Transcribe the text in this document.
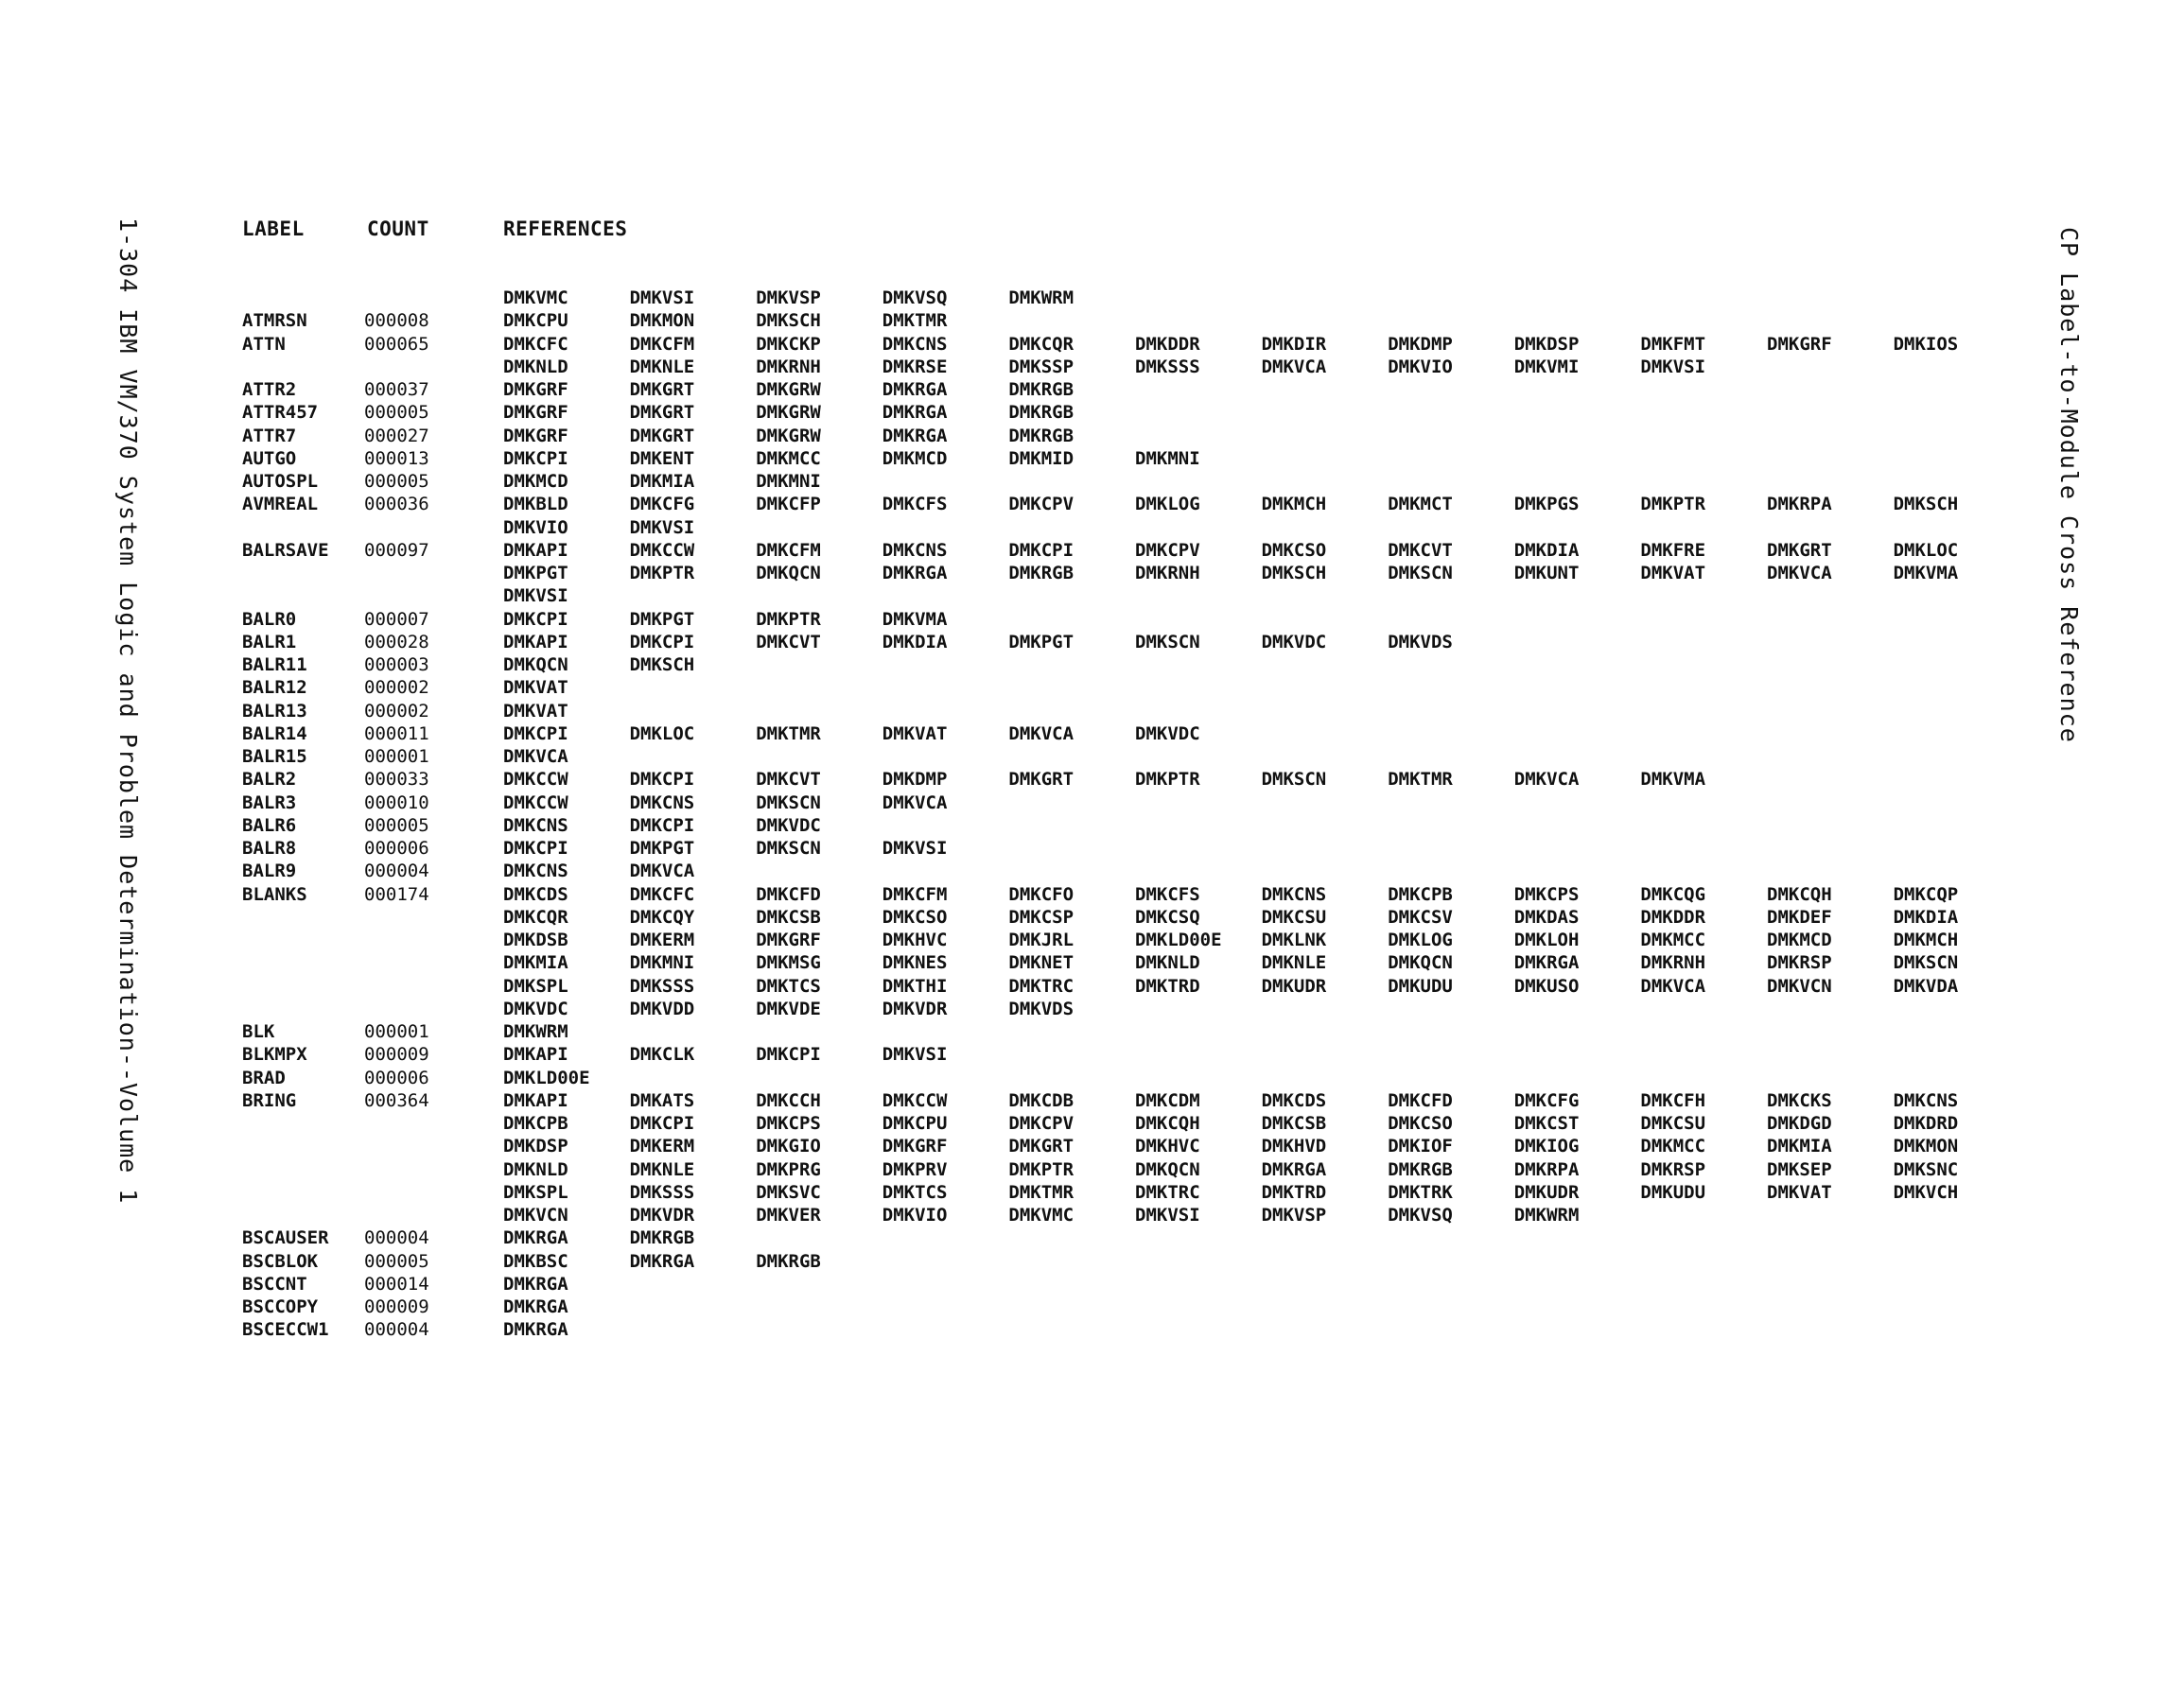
1-304 IBM VM/370 System Logic and Problem Determination--Volume 1	CP Label-to-Module Cross Reference
LABEL	COUNT	REFERENCES
DMKVMC	DMKVSI	DMKVSP	DMKVSQ	DMKWRM
ATMRSN	000008	DMKCPU	DMKMON	DMKSCH	DMKTMR
ATTN	000065	DMKCFC	DMKCFM	DMKCKP	DMKCNS	DMKCQR	DMKDDR	DMKDIR	DMKDMP	DMKDSP	DMKFMT	DMKGRF	DMKIOS
DMKNLD	DMKNLE	DMKRNH	DMKRSE	DMKSSP	DMKSSS	DMKVCA	DMKVIO	DMKVMI	DMKVSI
ATTR2	000037	DMKGRF	DMKGRT	DMKGRW	DMKRGA	DMKRGB
ATTR457	000005	DMKGRF	DMKGRT	DMKGRW	DMKRGA	DMKRGB
ATTR7	000027	DMKGRF	DMKGRT	DMKGRW	DMKRGA	DMKRGB
AUTGO	000013	DMKCPI	DMKENT	DMKMCC	DMKMCD	DMKMID	DMKMNI
AUTOSPL	000005	DMKMCD	DMKMIA	DMKMNI
AVMREAL	000036	DMKBLD	DMKCFG	DMKCFP	DMKCFS	DMKCPV	DMKLOG	DMKMCH	DMKMCT	DMKPGS	DMKPTR	DMKRPA	DMKSCH
DMKVIO	DMKVSI
BALRSAVE 000097	DMKAPI	DMKCCW	DMKCFM	DMKCNS	DMKCPI	DMKCPV	DMKCSO	DMKCVT	DMKDIA	DMKFRE	DMKGRT	DMKLOC
DMKPGT	DMKPTR	DMKQCN	DMKRGA	DMKRGB	DMKRNH	DMKSCH	DMKSCN	DMKUNT	DMKVAT	DMKVCA	DMKVMA
DMKVSI
BALR0	000007	DMKCPI	DMKPGT	DMKPTR	DMKVMA
BALR1	000028	DMKAPI	DMKCPI	DMKCVT	DMKDIA	DMKPGT	DMKSCN	DMKVDC	DMKVDS
BALR11	000003	DMKQCN	DMKSCH
BALR12	000002	DMKVAT
BALR13	000002	DMKVAT
BALR14	000011	DMKCPI	DMKLOC	DMKTMR	DMKVAT	DMKVCA	DMKVDC
BALR15	000001	DMKVCA
BALR2	000033	DMKCCW	DMKCPI	DMKCVT	DMKDMP	DMKGRT	DMKPTR	DMKSCN	DMKTMR	DMKVCA	DMKVMA
BALR3	000010	DMKCCW	DMKCNS	DMKSCN	DMKVCA
BALR6	000005	DMKCNS	DMKCPI	DMKVDC
BALR8	000006	DMKCPI	DMKPGT	DMKSCN	DMKVSI
BALR9	000004	DMKCNS	DMKVCA
BLANKS	000174	DMKCDS	DMKCFC	DMKCFD	DMKCFM	DMKCFO	DMKCFS	DMKCNS	DMKCPB	DMKCPS	DMKCQG	DMKCQH	DMKCQP
DMKCQR	DMKCQY	DMKCSB	DMKCSO	DMKCSP	DMKCSQ	DMKCSU	DMKCSV	DMKDAS	DMKDDR	DMKDEF	DMKDIA
DMKDSB	DMKERM	DMKGRF	DMKHVC	DMKJRL	DMKLD00E DMKLNK	DMKLOG	DMKLOH	DMKMCC	DMKMCD	DMKMCH
DMKMIA	DMKMNI	DMKMSG	DMKNES	DMKNET	DMKNLD	DMKNLE	DMKQCN	DMKRGA	DMKRNH	DMKRSP	DMKSCN
DMKSPL	DMKSSS	DMKTCS	DMKTHI	DMKTRC	DMKTRD	DMKUDR	DMKUDU	DMKUSO	DMKVCA	DMKVCN	DMKVDA
DMKVDC	DMKVDD	DMKVDE	DMKVDR	DMKVDS
BLK	000001	DMKWRM
BLKMPX	000009	DMKAPI	DMKCLK	DMKCPI	DMKVSI
BRAD	000006	DMKLD00E
BRING	000364	DMKAPI	DMKATS	DMKCCH	DMKCCW	DMKCDB	DMKCDM	DMKCDS	DMKCFD	DMKCFG	DMKCFH	DMKCKS	DMKCNS
DMKCPB	DMKCPI	DMKCPS	DMKCPU	DMKCPV	DMKCQH	DMKCSB	DMKCSO	DMKCST	DMKCSU	DMKDGD	DMKDRD
DMKDSP	DMKERM	DMKGIO	DMKGRF	DMKGRT	DMKHVC	DMKHVD	DMKIOF	DMKIOG	DMKMCC	DMKMIA	DMKMON
DMKNLD	DMKNLE	DMKPRG	DMKPRV	DMKPTR	DMKQCN	DMKRGA	DMKRGB	DMKRPA	DMKRSP	DMKSEP	DMKSNC
DMKSPL	DMKSSS	DMKSVC	DMKTCS	DMKTMR	DMKTRC	DMKTRD	DMKTRK	DMKUDR	DMKUDU	DMKVAT	DMKVCH
DMKVCN	DMKVDR	DMKVER	DMKVIO	DMKVMC	DMKVSI	DMKVSP	DMKVSQ	DMKWRM
BSCAUSER 000004	DMKRGA	DMKRGB
BSCBLOK	000005	DMKBSC	DMKRGA	DMKRGB
BSCCNT	000014	DMKRGA
BSCCOPY	000009	DMKRGA
BSCECCW1 000004	DMKRGA
